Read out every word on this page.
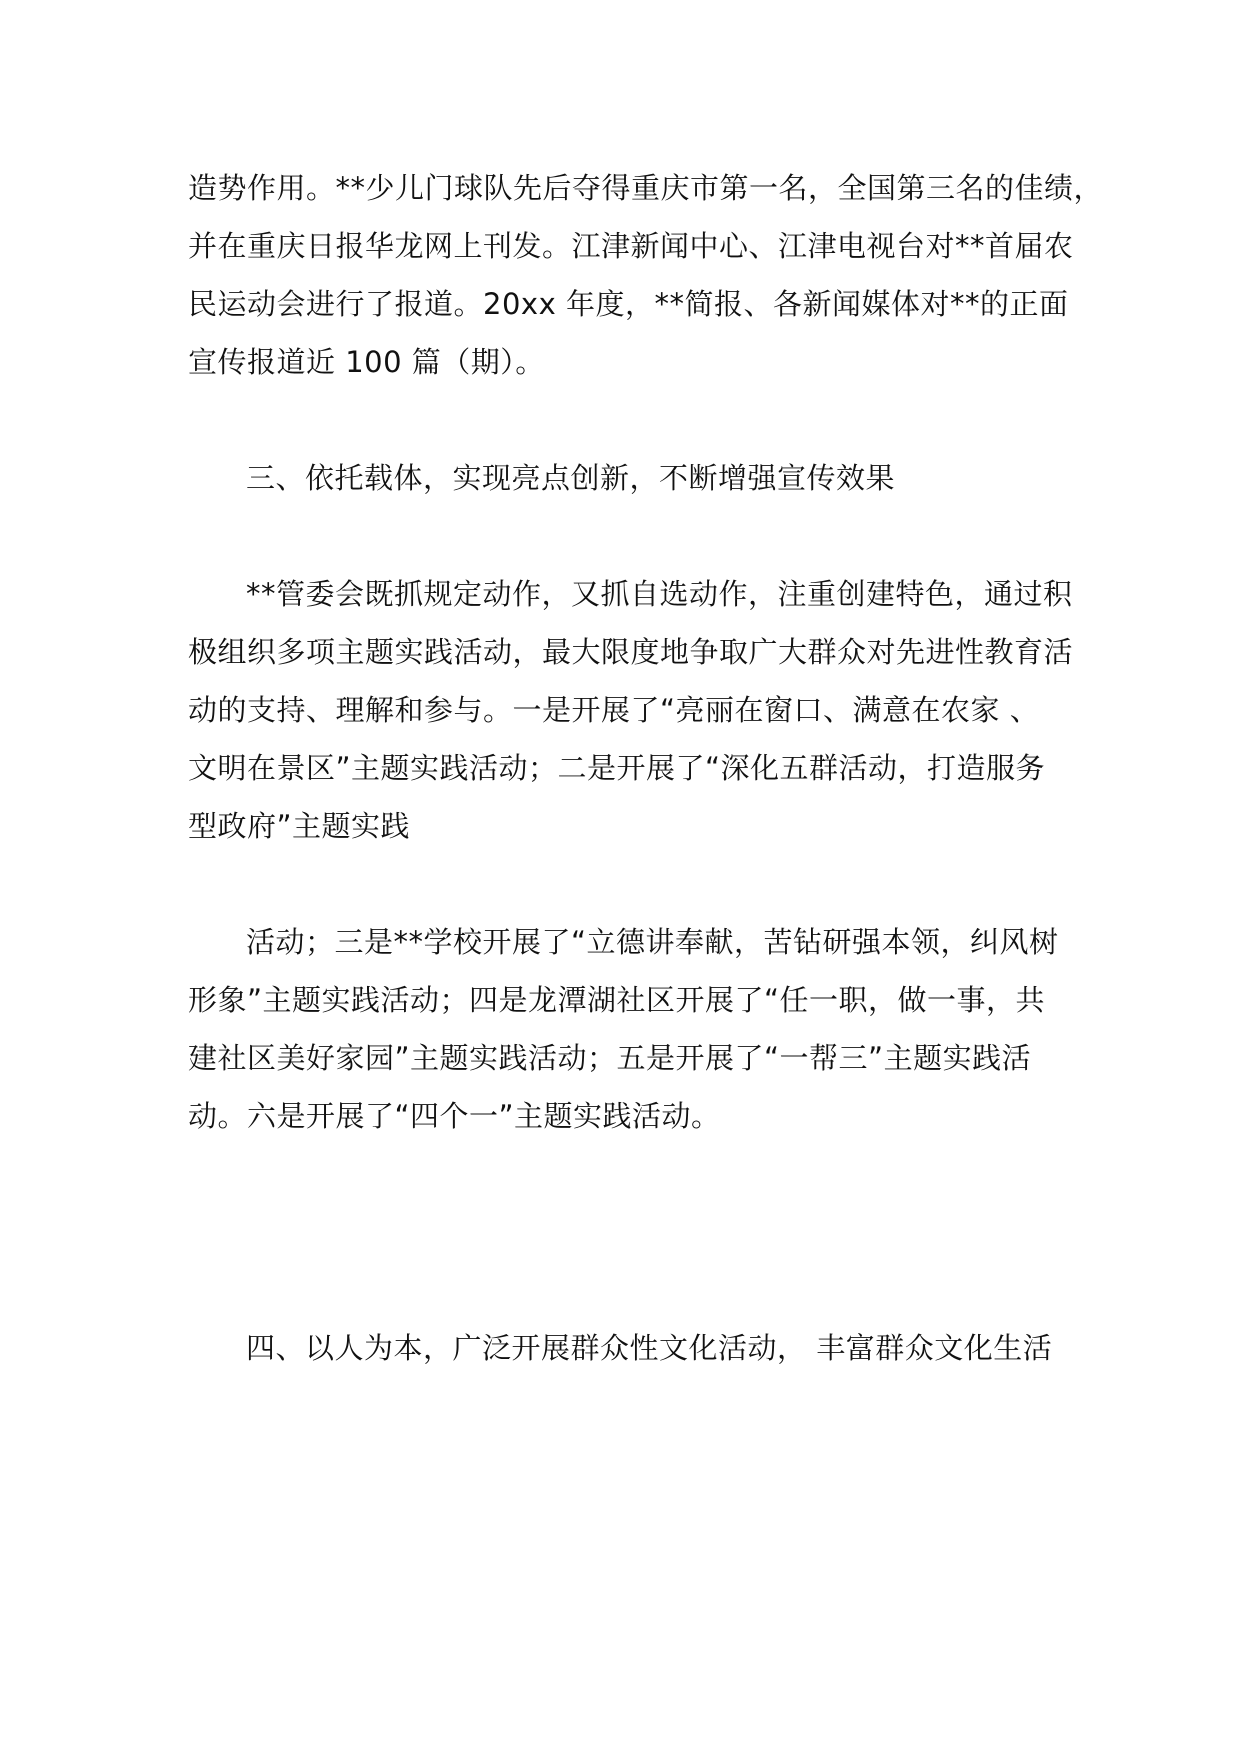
造势作用。**少儿门球队先后夺得重庆市第一名，全国第三名的佳绩，
并在重庆日报华龙网上刊发。江津新闻中心、江津电视台对**首届农
民运动会进行了报道。20xx 年度，**简报、各新闻媒体对**的正面
宣传报道近 100 篇（期）。
三、依托载体，实现亮点创新，不断增强宣传效果
**管委会既抓规定动作，又抓自选动作，注重创建特色，通过积
极组织多项主题实践活动，最大限度地争取广大群众对先进性教育活
动的支持、理解和参与。一是开展了“亮丽在窗口、满意在农家 、
文明在景区”主题实践活动；二是开展了“深化五群活动，打造服务
型政府”主题实践
活动；三是**学校开展了“立德讲奉献，苦钻研强本领，纠风树
形象”主题实践活动；四是龙潭湖社区开展了“任一职，做一事，共
建社区美好家园”主题实践活动；五是开展了“一帮三”主题实践活
动。六是开展了“四个一”主题实践活动。
四、以人为本，广泛开展群众性文化活动， 丰富群众文化生活
